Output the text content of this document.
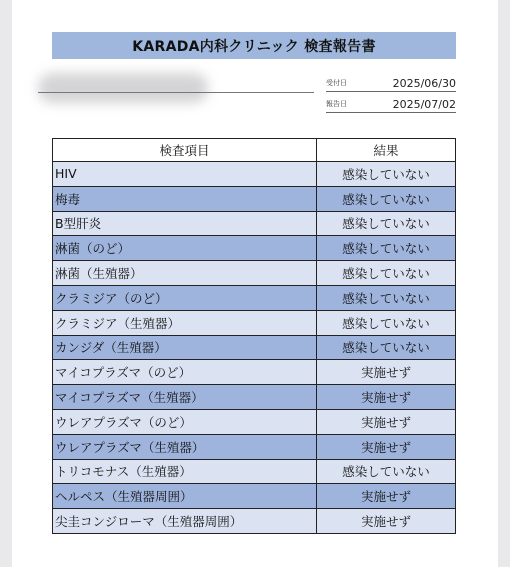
KARADA内科クリニック 検査報告書
受付日	2025/06/30
報告日	2025/07/02
検査項目	結果
HIV	感染していない
梅毒	感染していない
B型肝炎	感染していない
淋菌（のど）	感染していない
淋菌（生殖器）	感染していない
クラミジア（のど）	感染していない
クラミジア（生殖器）	感染していない
カンジダ（生殖器）	感染していない
マイコプラズマ（のど）	実施せず
マイコプラズマ（生殖器）	実施せず
ウレアプラズマ（のど）	実施せず
ウレアプラズマ（生殖器）	実施せず
トリコモナス（生殖器）	感染していない
ヘルペス（生殖器周囲）	実施せず
尖圭コンジローマ（生殖器周囲）	実施せず
